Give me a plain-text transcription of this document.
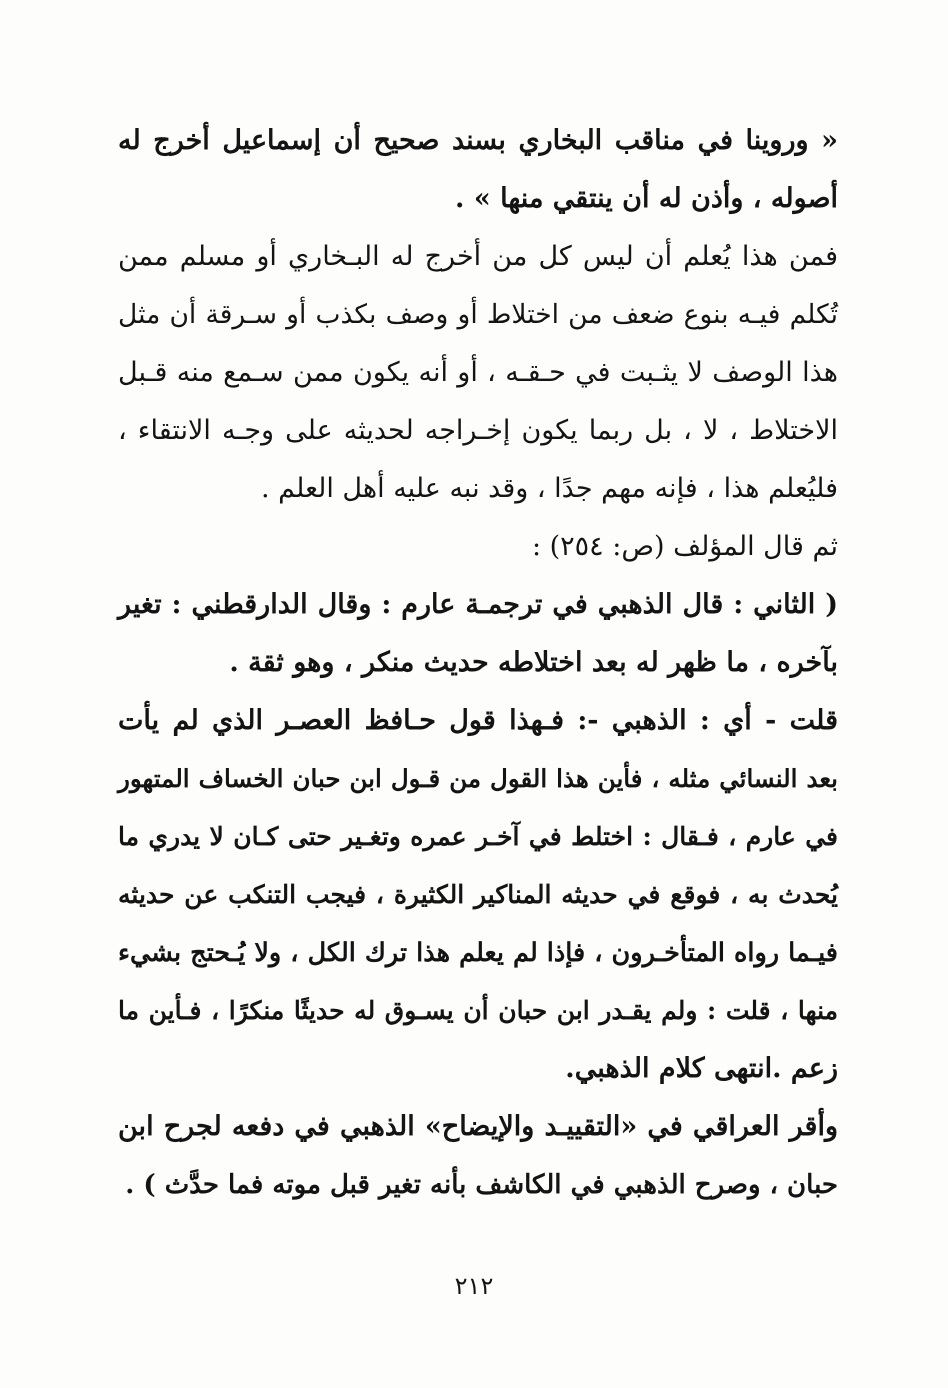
« وروينا في مناقب البخاري بسند صحيح أن إسماعيل أخرج له
أصوله ، وأذن له أن ينتقي منها » .
فمن هذا يُعلم أن ليس كل من أخرج له البـخاري أو مسلم ممن
تُكلم فيـه بنوع ضعف من اختلاط أو وصف بكذب أو سـرقة أن مثل
هذا الوصف لا يثـبت في حـقـه ، أو أنه يكون ممن سـمع منه قـبل
الاختلاط ، لا ، بل ربما يكون إخـراجه لحديثه على وجـه الانتقاء ،
فليُعلم هذا ، فإنه مهم جدًا ، وقد نبه عليه أهل العلم .
ثم قال المؤلف (ص: ٢٥٤) :
( الثاني : قال الذهبي في ترجمـة عارم : وقال الدارقطني : تغير
بآخره ، ما ظهر له بعد اختلاطه حديث منكر ، وهو ثقة .
قلت - أي : الذهبي -: فـهذا قول حـافظ العصـر الذي لم يأت
بعد النسائي مثله ، فأين هذا القول من قـول ابن حبان الخساف المتهور
في عارم ، فـقال : اختلط في آخـر عمره وتغـير حتى كـان لا يدري ما
يُحدث به ، فوقع في حديثه المناكير الكثيرة ، فيجب التنكب عن حديثه
فيـما رواه المتأخـرون ، فإذا لم يعلم هذا ترك الكل ، ولا يُـحتج بشيء
منها ، قلت : ولم يقـدر ابن حبان أن يسـوق له حديثًا منكرًا ، فـأين ما
زعم .انتهى كلام الذهبي.
وأقر العراقي في «التقييـد والإيضاح» الذهبي في دفعه لجرح ابن
حبان ، وصرح الذهبي في الكاشف بأنه تغير قبل موته فما حدَّث ) .
٢١٢
